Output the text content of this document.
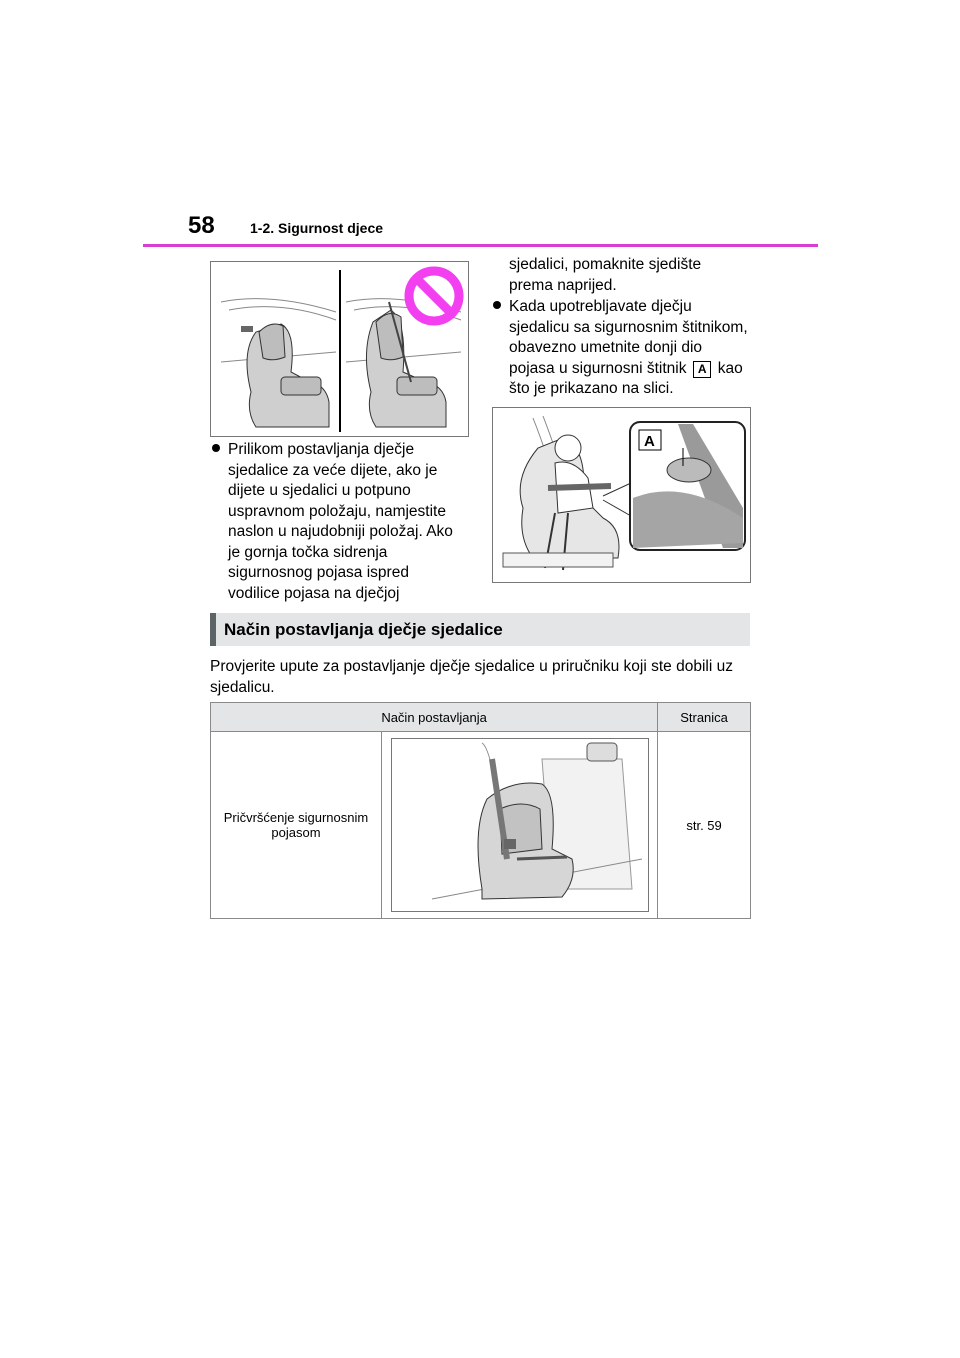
58	1-2. Sigurnost djece
Prilikom postavljanja dječje
sjedalice za veće dijete, ako je
dijete u sjedalici u potpuno
uspravnom položaju, namjestite
naslon u najudobniji položaj. Ako
je gornja točka sidrenja
sigurnosnog pojasa ispred
vodilice pojasa na dječjoj
sjedalici, pomaknite sjedište
prema naprijed.
Kada upotrebljavate dječju
sjedalicu sa sigurnosnim štitnikom,
obavezno umetnite donji dio
pojasa u sigurnosni štitnik A kao
što je prikazano na slici.
A
Način postavljanja dječje sjedalice
Provjerite upute za postavljanje dječje sjedalice u priručniku koji ste dobili uz sjedalicu.
Način postavljanja		Stranica
Pričvršćenje sigurnosnim
pojasom		str. 59
